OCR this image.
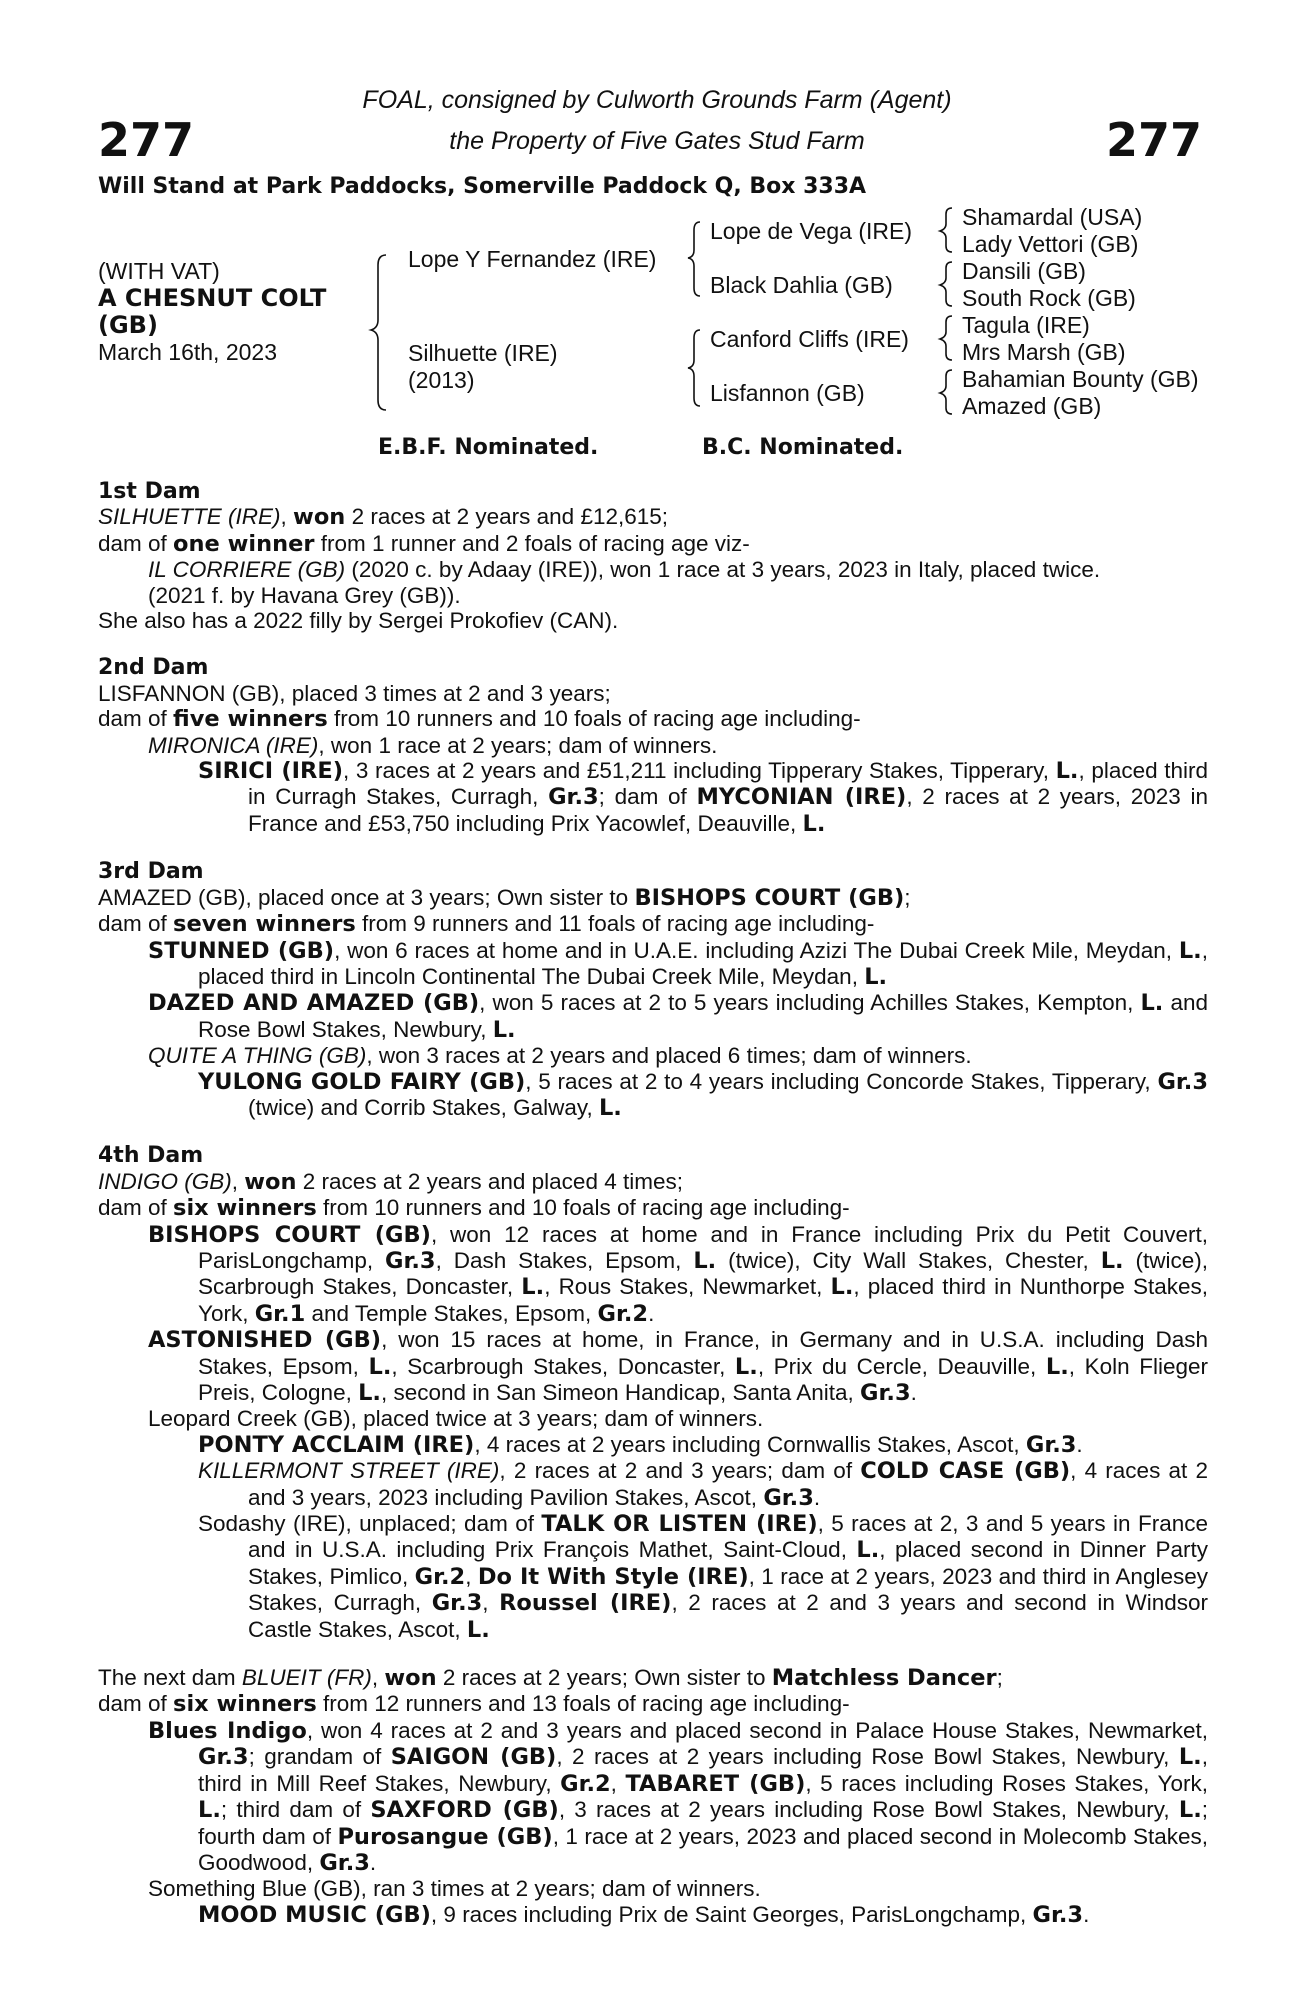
277	277
FOAL, consigned by Culworth Grounds Farm (Agent)
the Property of Five Gates Stud Farm
Will Stand at Park Paddocks, Somerville Paddock Q, Box 333A
(WITH VAT)
A CHESNUT COLT
(GB)
March 16th, 2023
Lope Y Fernandez (IRE)
Silhuette (IRE)
(2013)
Lope de Vega (IRE)
Black Dahlia (GB)
Canford Cliffs (IRE)
Lisfannon (GB)
Shamardal (USA)
Lady Vettori (GB)
Dansili (GB)
South Rock (GB)
Tagula (IRE)
Mrs Marsh (GB)
Bahamian Bounty (GB)
Amazed (GB)
E.B.F. Nominated.	B.C. Nominated.

1st Dam

SILHUETTE (IRE), won 2 races at 2 years and £12,615;

dam of one winner from 1 runner and 2 foals of racing age viz-

IL CORRIERE (GB) (2020 c. by Adaay (IRE)), won 1 race at 3 years, 2023 in Italy, placed twice.

(2021 f. by Havana Grey (GB)).

She also has a 2022 filly by Sergei Prokofiev (CAN).

2nd Dam

LISFANNON (GB), placed 3 times at 2 and 3 years;

dam of five winners from 10 runners and 10 foals of racing age including-

MIRONICA (IRE), won 1 race at 2 years; dam of winners.

SIRICI (IRE), 3 races at 2 years and £51,211 including Tipperary Stakes, Tipperary, L., placed third in Curragh Stakes, Curragh, Gr.3; dam of MYCONIAN (IRE), 2 races at 2 years, 2023 in France and £53,750 including Prix Yacowlef, Deauville, L.

3rd Dam

AMAZED (GB), placed once at 3 years; Own sister to BISHOPS COURT (GB);

dam of seven winners from 9 runners and 11 foals of racing age including-

STUNNED (GB), won 6 races at home and in U.A.E. including Azizi The Dubai Creek Mile, Meydan, L., placed third in Lincoln Continental The Dubai Creek Mile, Meydan, L.

DAZED AND AMAZED (GB), won 5 races at 2 to 5 years including Achilles Stakes, Kempton, L. and Rose Bowl Stakes, Newbury, L.

QUITE A THING (GB), won 3 races at 2 years and placed 6 times; dam of winners.

YULONG GOLD FAIRY (GB), 5 races at 2 to 4 years including Concorde Stakes, Tipperary, Gr.3 (twice) and Corrib Stakes, Galway, L.

4th Dam

INDIGO (GB), won 2 races at 2 years and placed 4 times;

dam of six winners from 10 runners and 10 foals of racing age including-

BISHOPS COURT (GB), won 12 races at home and in France including Prix du Petit Couvert, ParisLongchamp, Gr.3, Dash Stakes, Epsom, L. (twice), City Wall Stakes, Chester, L. (twice), Scarbrough Stakes, Doncaster, L., Rous Stakes, Newmarket, L., placed third in Nunthorpe Stakes, York, Gr.1 and Temple Stakes, Epsom, Gr.2.

ASTONISHED (GB), won 15 races at home, in France, in Germany and in U.S.A. including Dash Stakes, Epsom, L., Scarbrough Stakes, Doncaster, L., Prix du Cercle, Deauville, L., Koln Flieger Preis, Cologne, L., second in San Simeon Handicap, Santa Anita, Gr.3.

Leopard Creek (GB), placed twice at 3 years; dam of winners.

PONTY ACCLAIM (IRE), 4 races at 2 years including Cornwallis Stakes, Ascot, Gr.3.

KILLERMONT STREET (IRE), 2 races at 2 and 3 years; dam of COLD CASE (GB), 4 races at 2 and 3 years, 2023 including Pavilion Stakes, Ascot, Gr.3.

Sodashy (IRE), unplaced; dam of TALK OR LISTEN (IRE), 5 races at 2, 3 and 5 years in France and in U.S.A. including Prix François Mathet, Saint-Cloud, L., placed second in Dinner Party Stakes, Pimlico, Gr.2, Do It With Style (IRE), 1 race at 2 years, 2023 and third in Anglesey Stakes, Curragh, Gr.3, Roussel (IRE), 2 races at 2 and 3 years and second in Windsor Castle Stakes, Ascot, L.

The next dam BLUEIT (FR), won 2 races at 2 years; Own sister to Matchless Dancer;

dam of six winners from 12 runners and 13 foals of racing age including-

Blues Indigo, won 4 races at 2 and 3 years and placed second in Palace House Stakes, Newmarket, Gr.3; grandam of SAIGON (GB), 2 races at 2 years including Rose Bowl Stakes, Newbury, L., third in Mill Reef Stakes, Newbury, Gr.2, TABARET (GB), 5 races including Roses Stakes, York, L.; third dam of SAXFORD (GB), 3 races at 2 years including Rose Bowl Stakes, Newbury, L.; fourth dam of Purosangue (GB), 1 race at 2 years, 2023 and placed second in Molecomb Stakes, Goodwood, Gr.3.

Something Blue (GB), ran 3 times at 2 years; dam of winners.

MOOD MUSIC (GB), 9 races including Prix de Saint Georges, ParisLongchamp, Gr.3.
